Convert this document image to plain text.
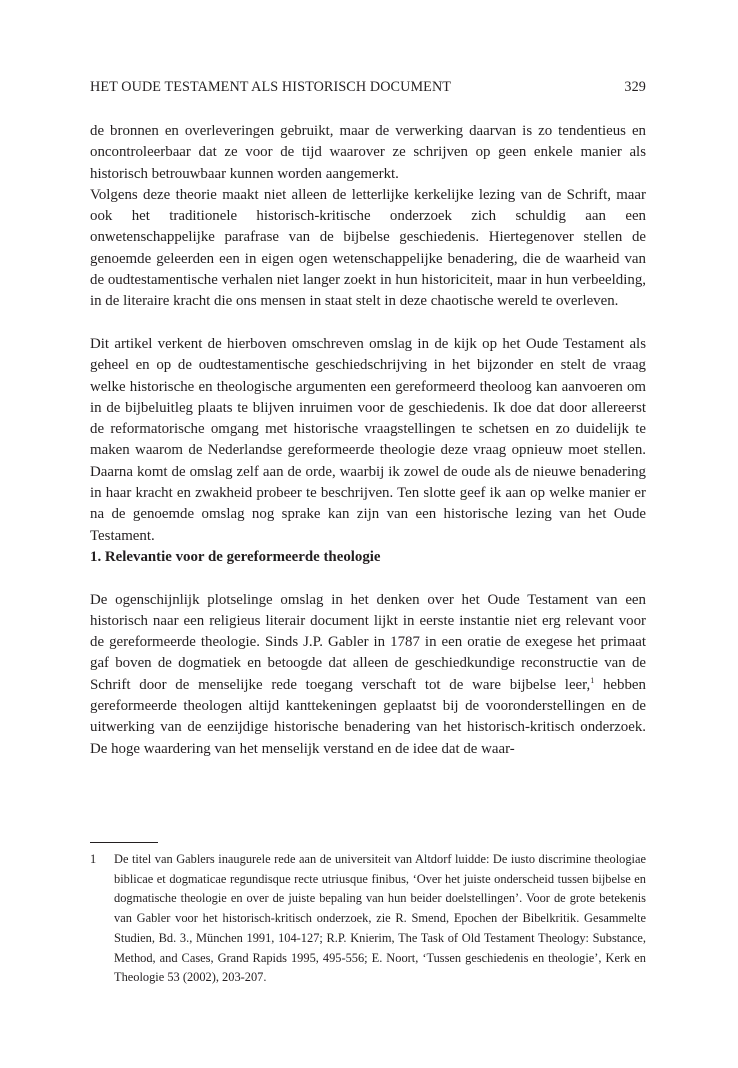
HET OUDE TESTAMENT ALS HISTORISCH DOCUMENT	329

de bronnen en overleveringen gebruikt, maar de verwerking daarvan is zo tendentieus en oncontroleerbaar dat ze voor de tijd waarover ze schrijven op geen enkele manier als historisch betrouwbaar kunnen worden aangemerkt.

Volgens deze theorie maakt niet alleen de letterlijke kerkelijke lezing van de Schrift, maar ook het traditionele historisch-kritische onderzoek zich schuldig aan een onwetenschappelijke parafrase van de bijbelse geschiedenis. Hiertegenover stellen de genoemde geleerden een in eigen ogen wetenschappelijke benadering, die de waarheid van de oudtestamentische verhalen niet langer zoekt in hun historiciteit, maar in hun verbeelding, in de literaire kracht die ons mensen in staat stelt in deze chaotische wereld te overleven.

Dit artikel verkent de hierboven omschreven omslag in de kijk op het Oude Testament als geheel en op de oudtestamentische geschiedschrijving in het bijzonder en stelt de vraag welke historische en theologische argumenten een gereformeerd theoloog kan aanvoeren om in de bijbeluitleg plaats te blijven inruimen voor de geschiedenis. Ik doe dat door allereerst de reformatorische omgang met historische vraagstellingen te schetsen en zo duidelijk te maken waarom de Nederlandse gereformeerde theologie deze vraag opnieuw moet stellen. Daarna komt de omslag zelf aan de orde, waarbij ik zowel de oude als de nieuwe benadering in haar kracht en zwakheid probeer te beschrijven. Ten slotte geef ik aan op welke manier er na de genoemde omslag nog sprake kan zijn van een historische lezing van het Oude Testament.

1. Relevantie voor de gereformeerde theologie

De ogenschijnlijk plotselinge omslag in het denken over het Oude Testament van een historisch naar een religieus literair document lijkt in eerste instantie niet erg relevant voor de gereformeerde theologie. Sinds J.P. Gabler in 1787 in een oratie de exegese het primaat gaf boven de dogmatiek en betoogde dat alleen de geschiedkundige reconstructie van de Schrift door de menselijke rede toegang verschaft tot de ware bijbelse leer,$^1$ hebben gereformeerde theologen altijd kanttekeningen geplaatst bij de vooronderstellingen en de uitwerking van de eenzijdige historische benadering van het historisch-kritisch onderzoek. De hoge waardering van het menselijk verstand en de idee dat de waar-

1 De titel van Gablers inaugurele rede aan de universiteit van Altdorf luidde: De iusto discrimine theologiae biblicae et dogmaticae regundisque recte utriusque finibus, ‘Over het juiste onderscheid tussen bijbelse en dogmatische theologie en over de juiste bepaling van hun beider doelstellingen’. Voor de grote betekenis van Gabler voor het historisch-kritisch onderzoek, zie R. Smend, Epochen der Bibelkritik. Gesammelte Studien, Bd. 3., München 1991, 104-127; R.P. Knierim, The Task of Old Testament Theology: Substance, Method, and Cases, Grand Rapids 1995, 495-556; E. Noort, ‘Tussen geschiedenis en theologie’, Kerk en Theologie 53 (2002), 203-207.
